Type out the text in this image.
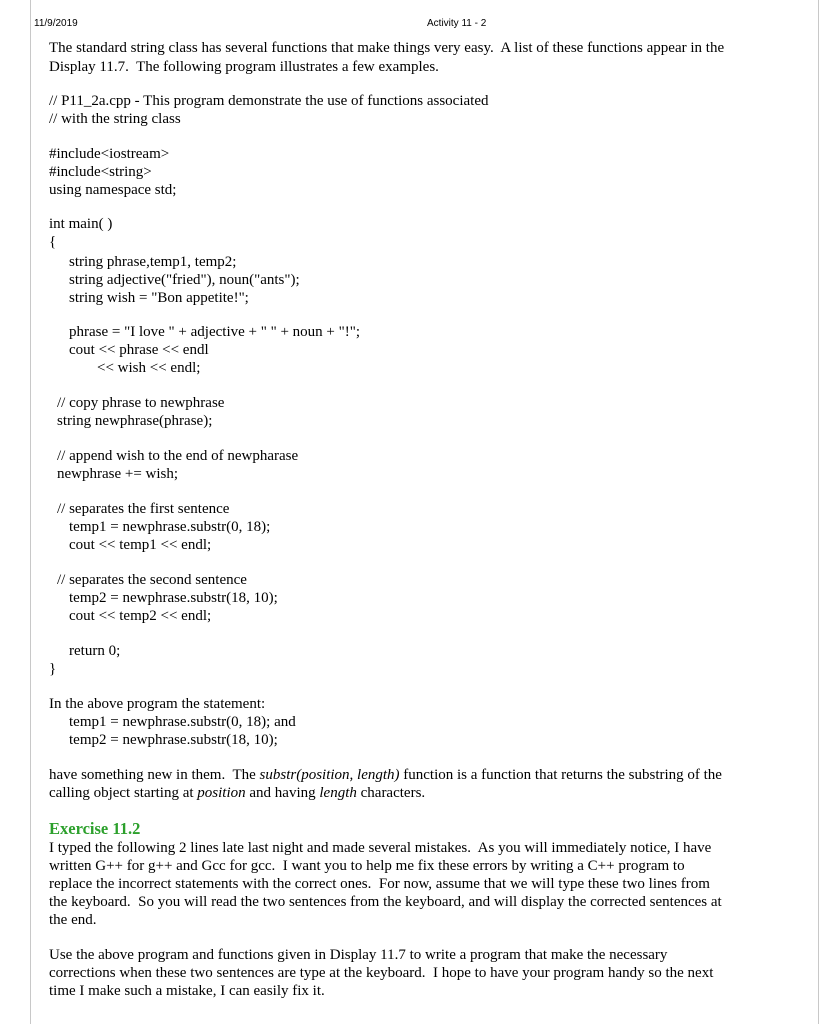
11/9/2019	Activity 11 - 2
The standard string class has several functions that make things very easy.  A list of these functions appear in the
Display 11.7.  The following program illustrates a few examples.
// P11_2a.cpp - This program demonstrate the use of functions associated
// with the string class
#include<iostream>
#include<string>
using namespace std;
int main( )
{
string phrase,temp1, temp2;
string adjective("fried"), noun("ants");
string wish = "Bon appetite!";
phrase = "I love " + adjective + " " + noun + "!";
cout << phrase << endl
<< wish << endl;
// copy phrase to newphrase
string newphrase(phrase);
// append wish to the end of newpharase
newphrase += wish;
// separates the first sentence
temp1 = newphrase.substr(0, 18);
cout << temp1 << endl;
// separates the second sentence
temp2 = newphrase.substr(18, 10);
cout << temp2 << endl;
return 0;
}
In the above program the statement:
temp1 = newphrase.substr(0, 18); and
temp2 = newphrase.substr(18, 10);
have something new in them.  The substr(position, length) function is a function that returns the substring of the
calling object starting at position and having length characters.
Exercise 11.2
I typed the following 2 lines late last night and made several mistakes.  As you will immediately notice, I have
written G++ for g++ and Gcc for gcc.  I want you to help me fix these errors by writing a C++ program to
replace the incorrect statements with the correct ones.  For now, assume that we will type these two lines from
the keyboard.  So you will read the two sentences from the keyboard, and will display the corrected sentences at
the end.
Use the above program and functions given in Display 11.7 to write a program that make the necessary
corrections when these two sentences are type at the keyboard.  I hope to have your program handy so the next
time I make such a mistake, I can easily fix it.
